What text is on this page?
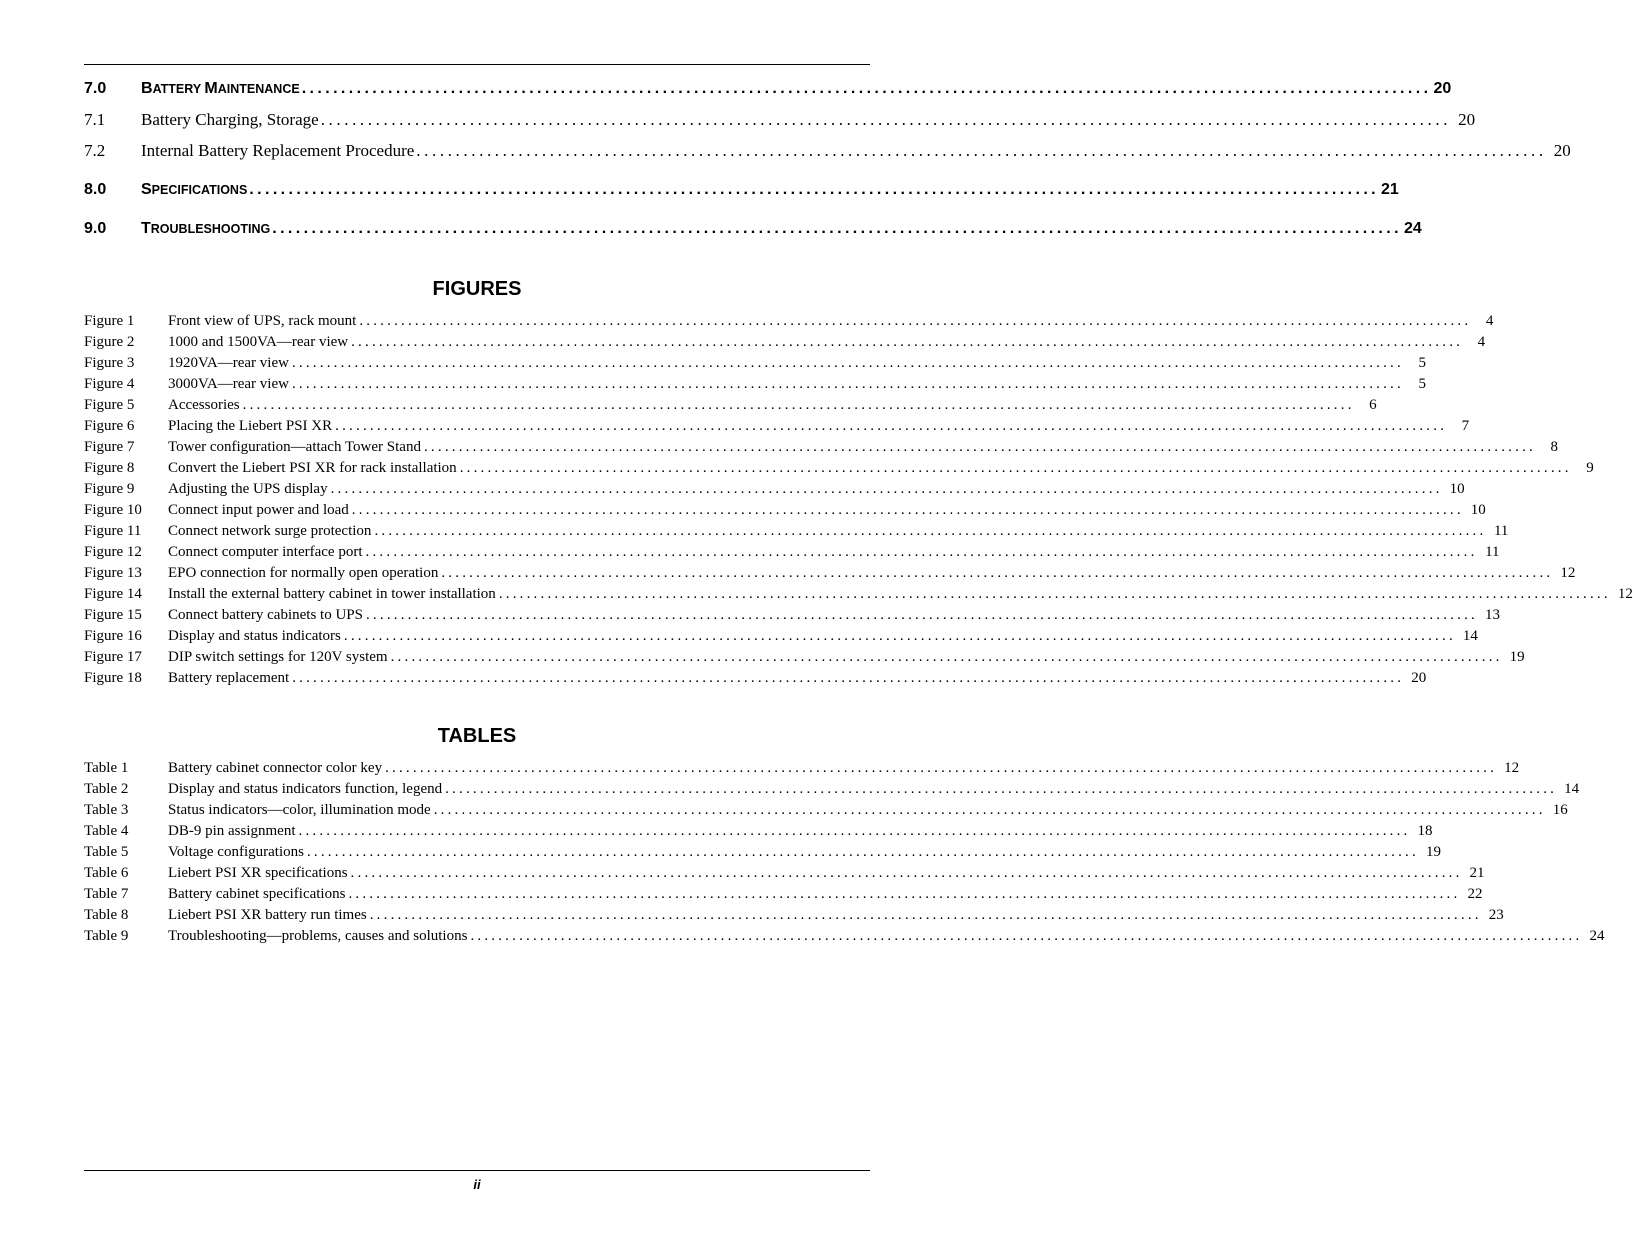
7.0	BATTERY MAINTENANCE ................................................................................................................................................ 20
7.1	Battery Charging, Storage ................................................................................................................................................ 20
7.2	Internal Battery Replacement Procedure ................................................................................................................................................ 20
8.0	SPECIFICATIONS ................................................................................................................................................ 21
9.0	TROUBLESHOOTING ................................................................................................................................................ 24
FIGURES
Figure 1	Front view of UPS, rack mount ................................................................................................................................................................ 4
Figure 2	1000 and 1500VA—rear view ................................................................................................................................................................ 4
Figure 3	1920VA—rear view ................................................................................................................................................................ 5
Figure 4	3000VA—rear view ................................................................................................................................................................ 5
Figure 5	Accessories ................................................................................................................................................................ 6
Figure 6	Placing the Liebert PSI XR ................................................................................................................................................................ 7
Figure 7	Tower configuration—attach Tower Stand ................................................................................................................................................................ 8
Figure 8	Convert the Liebert PSI XR for rack installation ................................................................................................................................................................ 9
Figure 9	Adjusting the UPS display ................................................................................................................................................................ 10
Figure 10	Connect input power and load ................................................................................................................................................................ 10
Figure 11	Connect network surge protection ................................................................................................................................................................ 11
Figure 12	Connect computer interface port ................................................................................................................................................................ 11
Figure 13	EPO connection for normally open operation ................................................................................................................................................................ 12
Figure 14	Install the external battery cabinet in tower installation ................................................................................................................................................................ 12
Figure 15	Connect battery cabinets to UPS ................................................................................................................................................................ 13
Figure 16	Display and status indicators ................................................................................................................................................................ 14
Figure 17	DIP switch settings for 120V system ................................................................................................................................................................ 19
Figure 18	Battery replacement ................................................................................................................................................................ 20
TABLES
Table 1	Battery cabinet connector color key ................................................................................................................................................................ 12
Table 2	Display and status indicators function, legend ................................................................................................................................................................ 14
Table 3	Status indicators—color, illumination mode ................................................................................................................................................................ 16
Table 4	DB-9 pin assignment ................................................................................................................................................................ 18
Table 5	Voltage configurations ................................................................................................................................................................ 19
Table 6	Liebert PSI XR specifications ................................................................................................................................................................ 21
Table 7	Battery cabinet specifications ................................................................................................................................................................ 22
Table 8	Liebert PSI XR battery run times ................................................................................................................................................................ 23
Table 9	Troubleshooting—problems, causes and solutions ................................................................................................................................................................ 24
ii
